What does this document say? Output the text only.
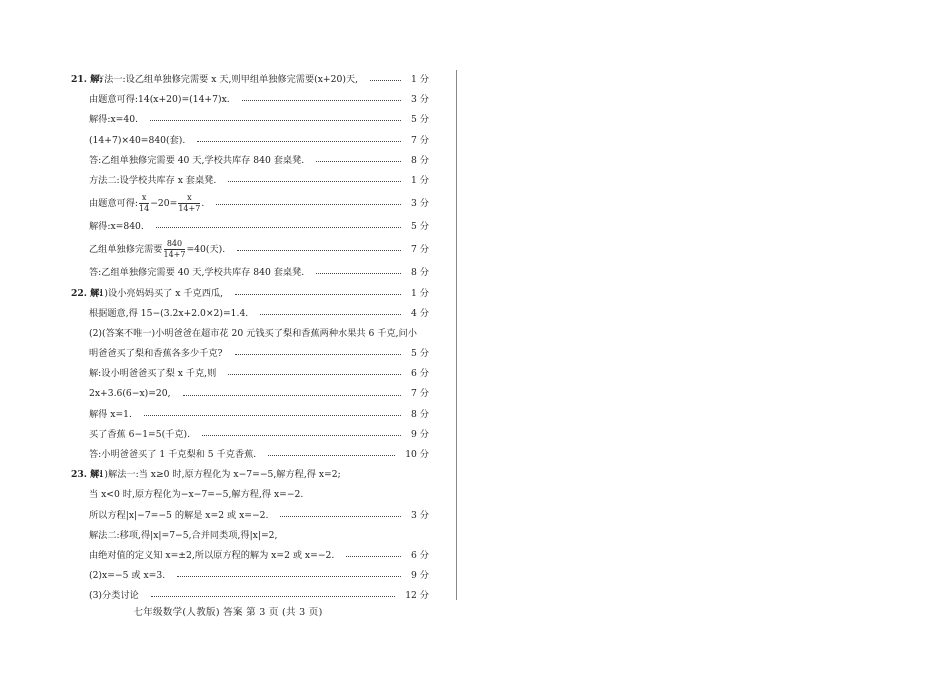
21. 解:
方法一:设乙组单独修完需要 x 天,则甲组单独修完需要(x+20)天,	1 分
由题意可得:14(x+20)=(14+7)x.	3 分
解得:x=40.	5 分
(14+7)×40=840(套).	7 分
答:乙组单独修完需要 40 天,学校共库存 840 套桌凳.	8 分
方法二:设学校共库存 x 套桌凳.	1 分
由题意可得: $\frac{x}{14} -20= \frac{x}{14+7}$ .	3 分
解得:x=840.	5 分
乙组单独修完需要 $\frac{840}{14+7} =40$(天).	7 分
答:乙组单独修完需要 40 天,学校共库存 840 套桌凳.	8 分
22. 解:
(1)设小亮妈妈买了 x 千克西瓜,	1 分
根据题意,得 15−(3.2x+2.0×2)=1.4.	4 分
(2)(答案不唯一)小明爸爸在超市花 20 元钱买了梨和香蕉两种水果共 6 千克,问小
明爸爸买了梨和香蕉各多少千克?	5 分
解:设小明爸爸买了梨 x 千克,则	6 分
2x+3.6(6−x)=20,	7 分
解得 x=1.	8 分
买了香蕉 6−1=5(千克).	9 分
答:小明爸爸买了 1 千克梨和 5 千克香蕉.	10 分
23. 解:
(1)解法一:当 x≥0 时,原方程化为 x−7=−5,解方程,得 x=2;
当 x<0 时,原方程化为−x−7=−5,解方程,得 x=−2.
所以方程|x|−7=−5 的解是 x=2 或 x=−2.	3 分
解法二:移项,得|x|=7−5,合并同类项,得|x|=2,
由绝对值的定义知 x=±2,所以原方程的解为 x=2 或 x=−2.	6 分
(2)x=−5 或 x=3.	9 分
(3)分类讨论	12 分
七年级数学(人教版) 答案 第 3 页 (共 3 页)
